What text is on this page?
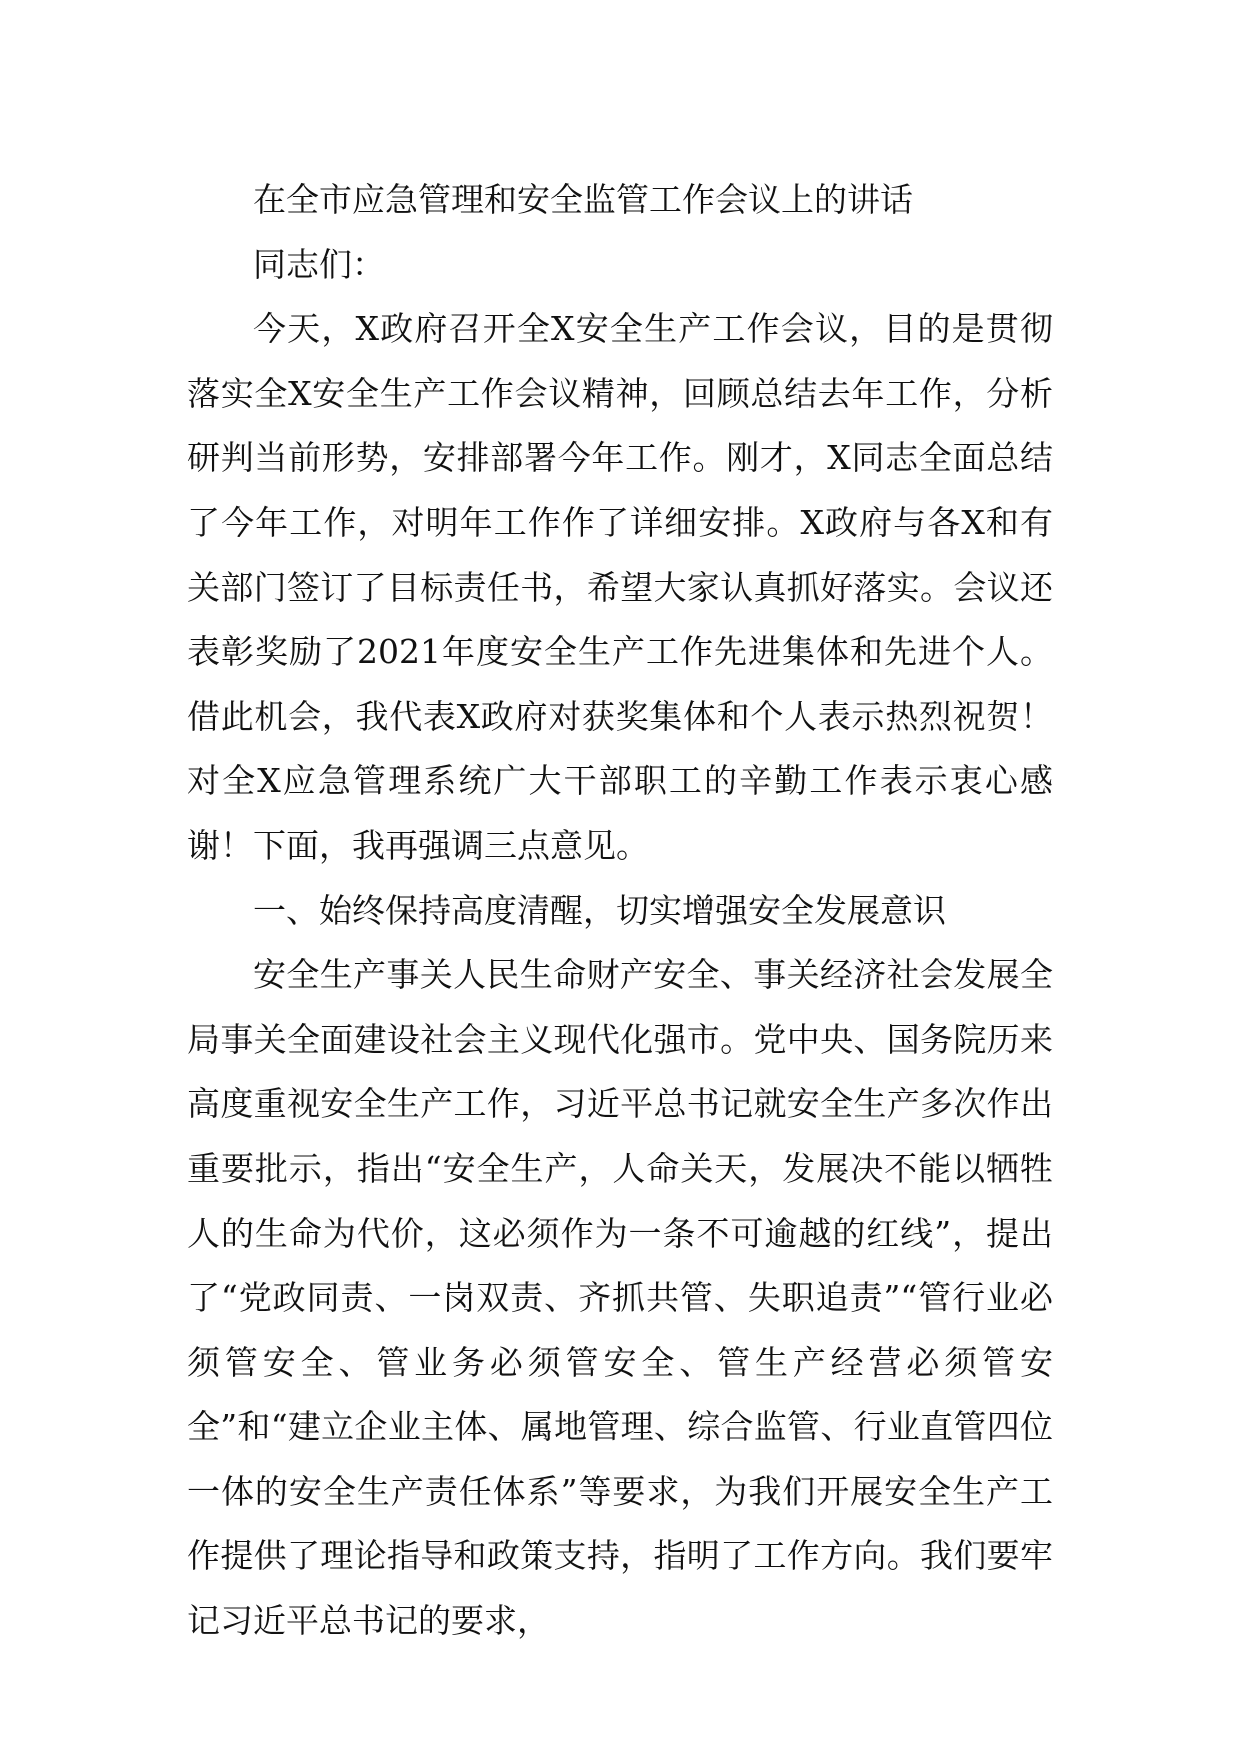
在全市应急管理和安全监管工作会议上的讲话

同志们：

今天，X政府召开全X安全生产工作会议，目的是贯彻落实全X安全生产工作会议精神，回顾总结去年工作，分析研判当前形势，安排部署今年工作。刚才，X同志全面总结了今年工作，对明年工作作了详细安排。X政府与各X和有关部门签订了目标责任书，希望大家认真抓好落实。会议还表彰奖励了2021年度安全生产工作先进集体和先进个人。借此机会，我代表X政府对获奖集体和个人表示热烈祝贺！对全X应急管理系统广大干部职工的辛勤工作表示衷心感谢！下面，我再强调三点意见。

一、始终保持高度清醒，切实增强安全发展意识

安全生产事关人民生命财产安全、事关经济社会发展全局事关全面建设社会主义现代化强市。党中央、国务院历来高度重视安全生产工作，习近平总书记就安全生产多次作出重要批示，指出“安全生产，人命关天，发展决不能以牺牲人的生命为代价，这必须作为一条不可逾越的红线”，提出了“党政同责、一岗双责、齐抓共管、失职追责”“管行业必须管安全、管业务必须管安全、管生产经营必须管安全”和“建立企业主体、属地管理、综合监管、行业直管四位一体的安全生产责任体系”等要求，为我们开展安全生产工作提供了理论指导和政策支持，指明了工作方向。我们要牢记习近平总书记的要求，
